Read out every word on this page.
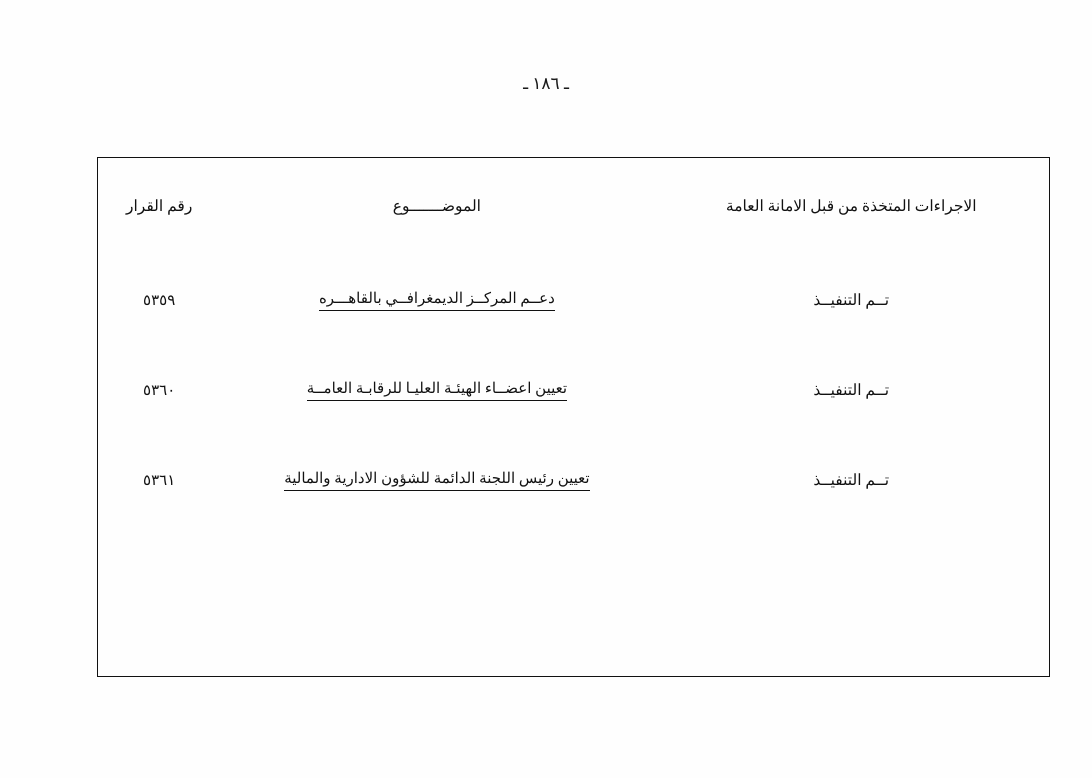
ـ ١٨٦ ـ
الاجراءات المتخذة من قبل الامانة العامة	الموضـــــــوع	رقم القرار
تــم التنفيــذ	دعــم المركــز الديمغرافــي بالقاهـــره	٥٣٥٩
تــم التنفيــذ	تعيين اعضــاء الهيئـة العليـا للرقابـة العامــة	٥٣٦٠
تــم التنفيــذ	تعيين رئيس اللجنة الدائمة للشؤون الادارية والمالية	٥٣٦١
